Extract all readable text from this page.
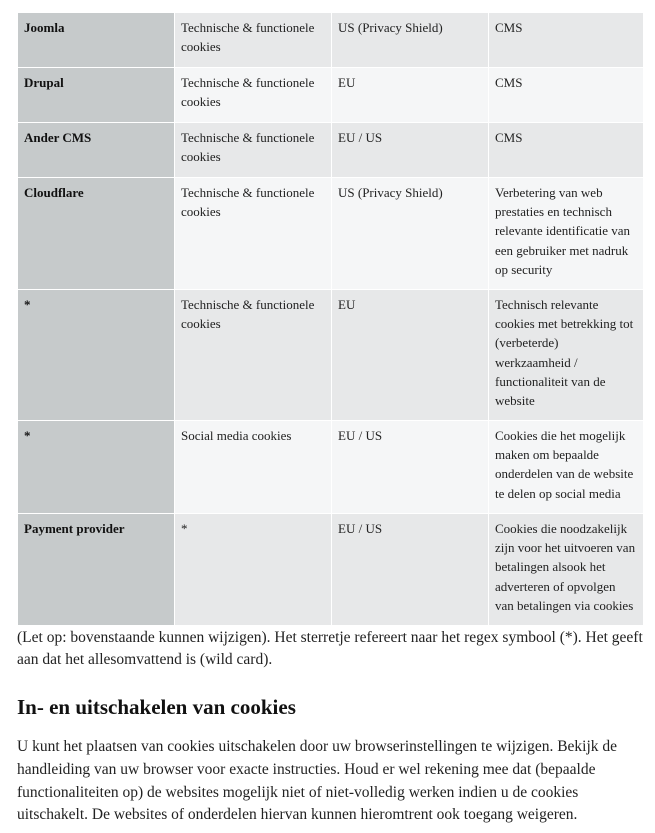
Joomla	Technische & functionele cookies	US (Privacy Shield)	CMS
Drupal	Technische & functionele cookies	EU	CMS
Ander CMS	Technische & functionele cookies	EU / US	CMS
Cloudflare	Technische & functionele cookies	US (Privacy Shield)	Verbetering van web prestaties en technisch relevante identificatie van een gebruiker met nadruk op security
*	Technische & functionele cookies	EU	Technisch relevante cookies met betrekking tot (verbeterde) werkzaamheid / functionaliteit van de website
*	Social media cookies	EU / US	Cookies die het mogelijk maken om bepaalde onderdelen van de website te delen op social media
Payment provider	*	EU / US	Cookies die noodzakelijk zijn voor het uitvoeren van betalingen alsook het adverteren of opvolgen van betalingen via cookies

(Let op: bovenstaande kunnen wijzigen). Het sterretje refereert naar het regex symbool (*). Het geeft aan dat het allesomvattend is (wild card).

In- en uitschakelen van cookies

U kunt het plaatsen van cookies uitschakelen door uw browserinstellingen te wijzigen. Bekijk de handleiding van uw browser voor exacte instructies. Houd er wel rekening mee dat (bepaalde functionaliteiten op) de websites mogelijk niet of niet-volledig werken indien u de cookies uitschakelt. De websites of onderdelen hiervan kunnen hieromtrent ook toegang weigeren.
